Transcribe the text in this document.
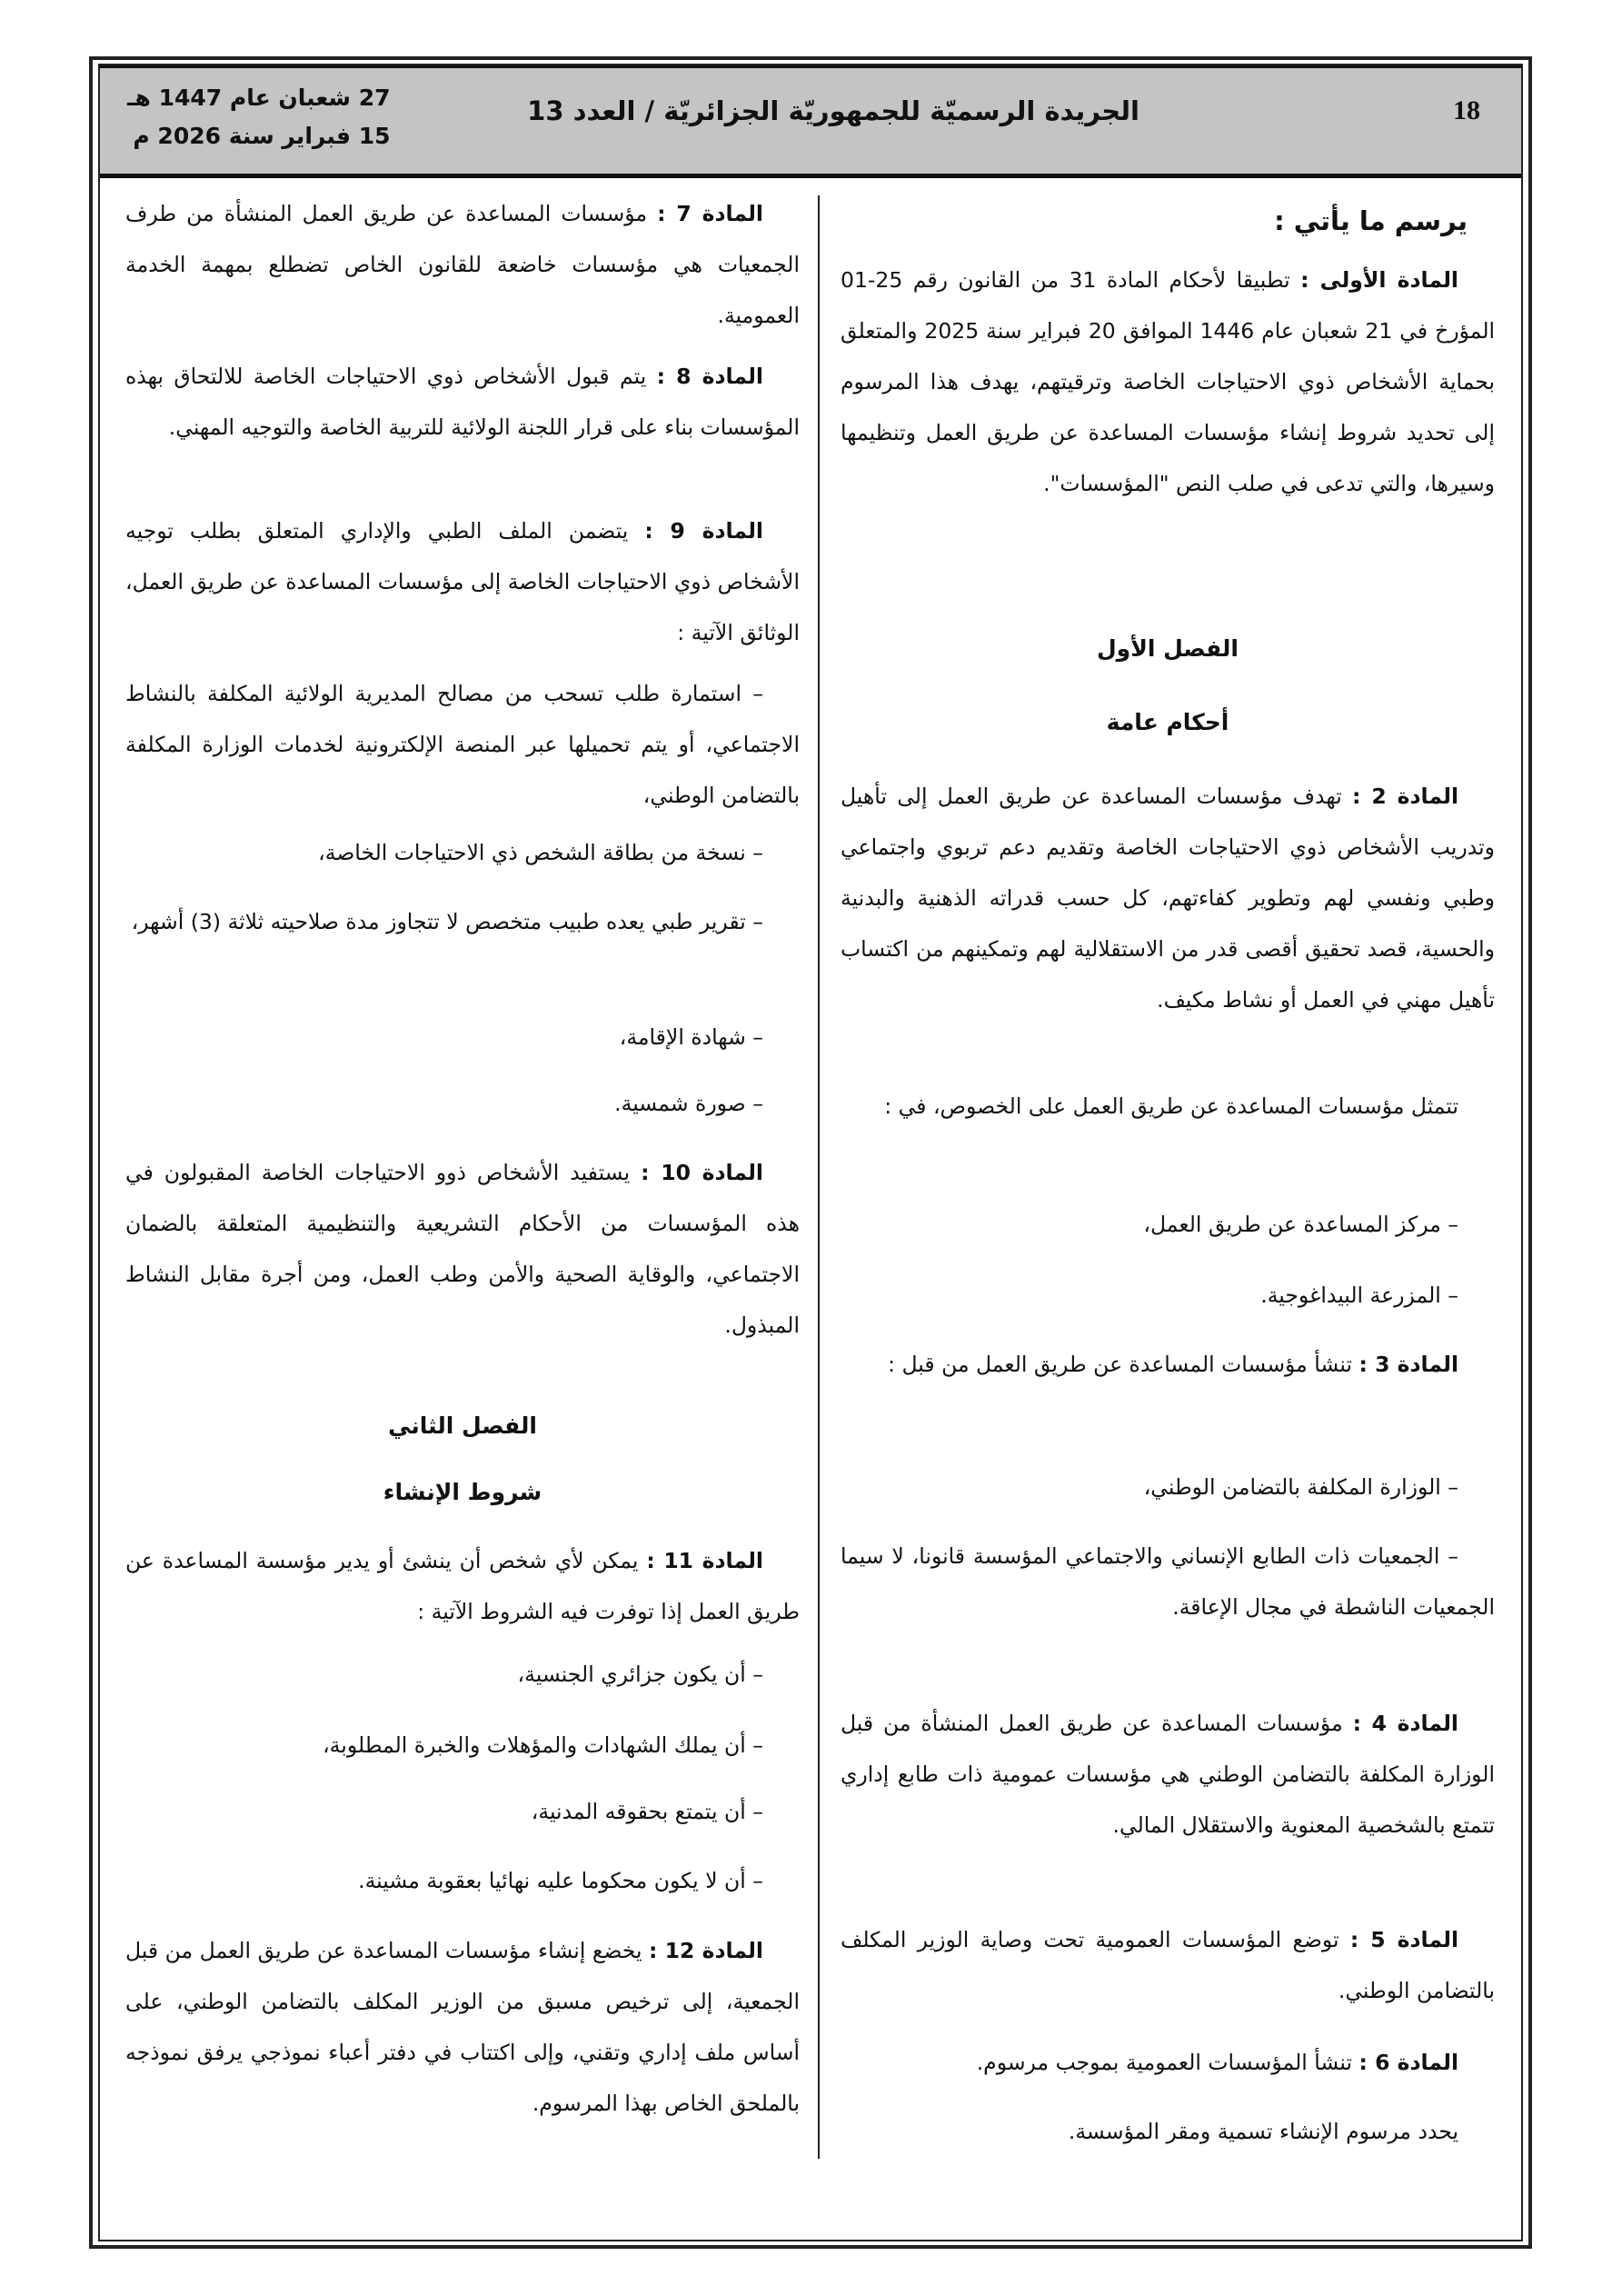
18
الجريدة الرسميّة للجمهوريّة الجزائريّة / العدد 13
27 شعبان عام 1447 هـ
15 فبراير سنة 2026 م

يرسم ما يأتي :

المادة الأولى : تطبيقا لأحكام المادة 31 من القانون رقم 25-01 المؤرخ في 21 شعبان عام 1446 الموافق 20 فبراير سنة 2025 والمتعلق بحماية الأشخاص ذوي الاحتياجات الخاصة وترقيتهم، يهدف هذا المرسوم إلى تحديد شروط إنشاء مؤسسات المساعدة عن طريق العمل وتنظيمها وسيرها، والتي تدعى في صلب النص "المؤسسات".

الفصل الأول

أحكام عامة

المادة 2 : تهدف مؤسسات المساعدة عن طريق العمل إلى تأهيل وتدريب الأشخاص ذوي الاحتياجات الخاصة وتقديم دعم تربوي واجتماعي وطبي ونفسي لهم وتطوير كفاءتهم، كل حسب قدراته الذهنية والبدنية والحسية، قصد تحقيق أقصى قدر من الاستقلالية لهم وتمكينهم من اكتساب تأهيل مهني في العمل أو نشاط مكيف.

تتمثل مؤسسات المساعدة عن طريق العمل على الخصوص، في :

– مركز المساعدة عن طريق العمل،

– المزرعة البيداغوجية.

المادة 3 : تنشأ مؤسسات المساعدة عن طريق العمل من قبل :

– الوزارة المكلفة بالتضامن الوطني،

– الجمعيات ذات الطابع الإنساني والاجتماعي المؤسسة قانونا، لا سيما الجمعيات الناشطة في مجال الإعاقة.

المادة 4 : مؤسسات المساعدة عن طريق العمل المنشأة من قبل الوزارة المكلفة بالتضامن الوطني هي مؤسسات عمومية ذات طابع إداري تتمتع بالشخصية المعنوية والاستقلال المالي.

المادة 5 : توضع المؤسسات العمومية تحت وصاية الوزير المكلف بالتضامن الوطني.

المادة 6 : تنشأ المؤسسات العمومية بموجب مرسوم.

يحدد مرسوم الإنشاء تسمية ومقر المؤسسة.

المادة 7 : مؤسسات المساعدة عن طريق العمل المنشأة من طرف الجمعيات هي مؤسسات خاضعة للقانون الخاص تضطلع بمهمة الخدمة العمومية.

المادة 8 : يتم قبول الأشخاص ذوي الاحتياجات الخاصة للالتحاق بهذه المؤسسات بناء على قرار اللجنة الولائية للتربية الخاصة والتوجيه المهني.

المادة 9 : يتضمن الملف الطبي والإداري المتعلق بطلب توجيه الأشخاص ذوي الاحتياجات الخاصة إلى مؤسسات المساعدة عن طريق العمل، الوثائق الآتية :

– استمارة طلب تسحب من مصالح المديرية الولائية المكلفة بالنشاط الاجتماعي، أو يتم تحميلها عبر المنصة الإلكترونية لخدمات الوزارة المكلفة بالتضامن الوطني،

– نسخة من بطاقة الشخص ذي الاحتياجات الخاصة،

– تقرير طبي يعده طبيب متخصص لا تتجاوز مدة صلاحيته ثلاثة (3) أشهر،

– شهادة الإقامة،

– صورة شمسية.

المادة 10 : يستفيد الأشخاص ذوو الاحتياجات الخاصة المقبولون في هذه المؤسسات من الأحكام التشريعية والتنظيمية المتعلقة بالضمان الاجتماعي، والوقاية الصحية والأمن وطب العمل، ومن أجرة مقابل النشاط المبذول.

الفصل الثاني

شروط الإنشاء

المادة 11 : يمكن لأي شخص أن ينشئ أو يدير مؤسسة المساعدة عن طريق العمل إذا توفرت فيه الشروط الآتية :

– أن يكون جزائري الجنسية،

– أن يملك الشهادات والمؤهلات والخبرة المطلوبة،

– أن يتمتع بحقوقه المدنية،

– أن لا يكون محكوما عليه نهائيا بعقوبة مشينة.

المادة 12 : يخضع إنشاء مؤسسات المساعدة عن طريق العمل من قبل الجمعية، إلى ترخيص مسبق من الوزير المكلف بالتضامن الوطني، على أساس ملف إداري وتقني، وإلى اكتتاب في دفتر أعباء نموذجي يرفق نموذجه بالملحق الخاص بهذا المرسوم.
